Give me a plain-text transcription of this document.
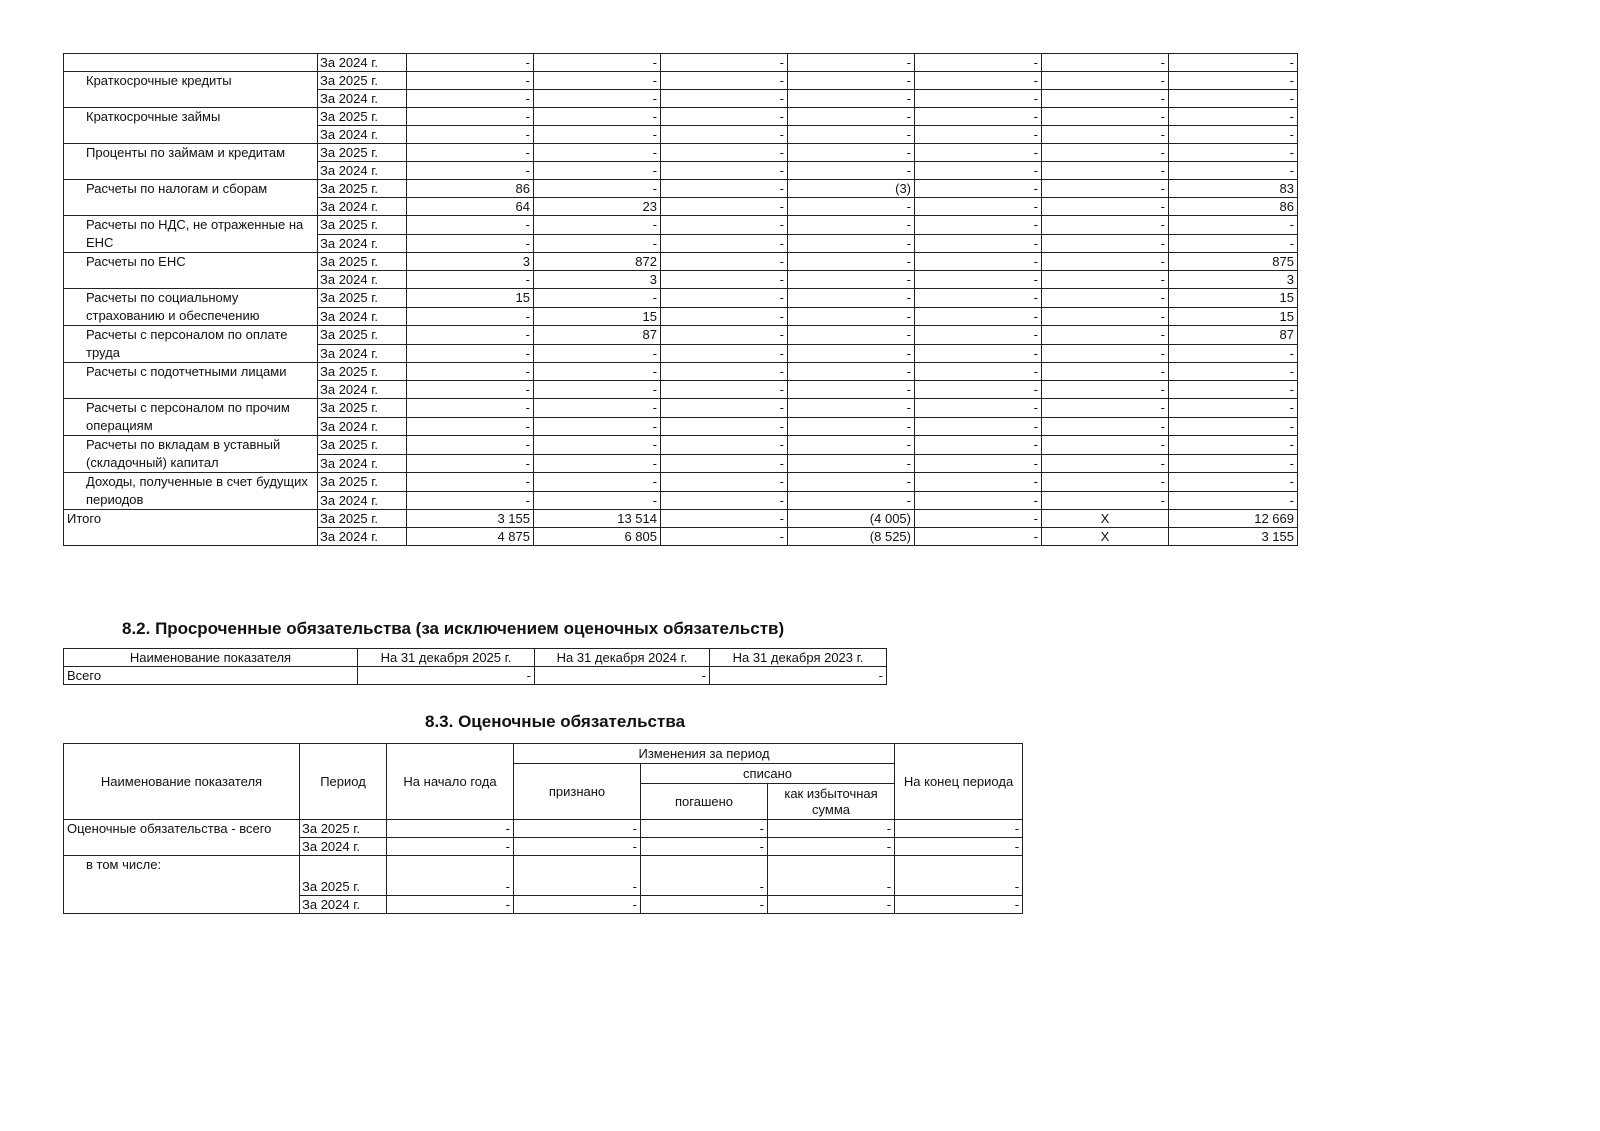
	За 2024 г.	-	-	-	-	-	-	-
Краткосрочные кредиты	За 2025 г.	-	-	-	-	-	-	-
	За 2024 г.	-	-	-	-	-	-	-
Краткосрочные займы	За 2025 г.	-	-	-	-	-	-	-
	За 2024 г.	-	-	-	-	-	-	-
Проценты по займам и кредитам	За 2025 г.	-	-	-	-	-	-	-
	За 2024 г.	-	-	-	-	-	-	-
Расчеты по налогам и сборам	За 2025 г.	86	-	-	(3)	-	-	83
	За 2024 г.	64	23	-	-	-	-	86
Расчеты по НДС, не отраженные на ЕНС	За 2025 г.	-	-	-	-	-	-	-
	За 2024 г.	-	-	-	-	-	-	-
Расчеты по ЕНС	За 2025 г.	3	872	-	-	-	-	875
	За 2024 г.	-	3	-	-	-	-	3
Расчеты по социальному страхованию и обеспечению	За 2025 г.	15	-	-	-	-	-	15
	За 2024 г.	-	15	-	-	-	-	15
Расчеты с персоналом по оплате труда	За 2025 г.	-	87	-	-	-	-	87
	За 2024 г.	-	-	-	-	-	-	-
Расчеты с подотчетными лицами	За 2025 г.	-	-	-	-	-	-	-
	За 2024 г.	-	-	-	-	-	-	-
Расчеты с персоналом по прочим операциям	За 2025 г.	-	-	-	-	-	-	-
	За 2024 г.	-	-	-	-	-	-	-
Расчеты по вкладам в уставный (складочный) капитал	За 2025 г.	-	-	-	-	-	-	-
	За 2024 г.	-	-	-	-	-	-	-
Доходы, полученные в счет будущих периодов	За 2025 г.	-	-	-	-	-	-	-
	За 2024 г.	-	-	-	-	-	-	-
Итого	За 2025 г.	3 155	13 514	-	(4 005)	-	X	12 669
	За 2024 г.	4 875	6 805	-	(8 525)	-	X	3 155
8.2. Просроченные обязательства (за исключением оценочных обязательств)
Наименование показателя	На 31 декабря 2025 г.	На 31 декабря 2024 г.	На 31 декабря 2023 г.
Всего	-	-	-
8.3. Оценочные обязательства
Наименование показателя	Период	На начало года	Изменения за период			На конец периода
			признано	списано		
				погашено	как избыточная сумма	
Оценочные обязательства - всего	За 2025 г.	-	-	-	-	-
	За 2024 г.	-	-	-	-	-
в том числе:	За 2025 г.	-	-	-	-	-
	За 2024 г.	-	-	-	-	-
